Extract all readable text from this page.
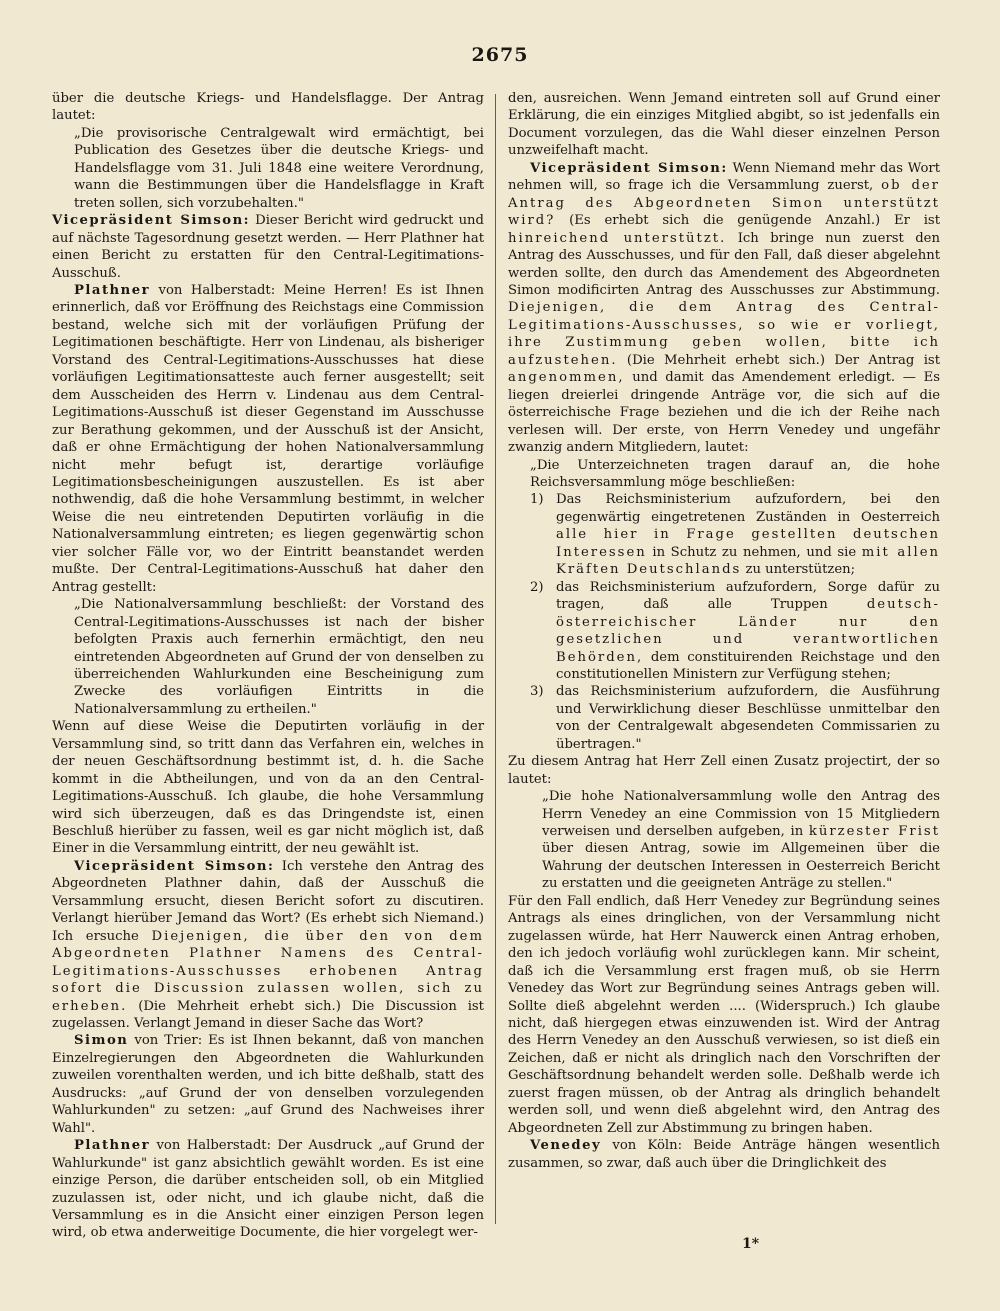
2675

über die deutsche Kriegs- und Handelsflagge. Der Antrag lautet:

„Die provisorische Centralgewalt wird ermächtigt, bei Publication des Gesetzes über die deutsche Kriegs- und Handelsflagge vom 31. Juli 1848 eine weitere Verordnung, wann die Bestimmungen über die Handelsflagge in Kraft treten sollen, sich vorzubehalten."

Vicepräsident Simson: Dieser Bericht wird gedruckt und auf nächste Tagesordnung gesetzt werden. — Herr Plathner hat einen Bericht zu erstatten für den Central-Legitimations-Ausschuß.

Plathner von Halberstadt: Meine Herren! Es ist Ihnen erinnerlich, daß vor Eröffnung des Reichstags eine Commission bestand, welche sich mit der vorläufigen Prüfung der Legitimationen beschäftigte. Herr von Lindenau, als bisheriger Vorstand des Central-Legitimations-Ausschusses hat diese vorläufigen Legitimationsatteste auch ferner ausgestellt; seit dem Ausscheiden des Herrn v. Lindenau aus dem Central-Legitimations-Ausschuß ist dieser Gegenstand im Ausschusse zur Berathung gekommen, und der Ausschuß ist der Ansicht, daß er ohne Ermächtigung der hohen Nationalversammlung nicht mehr befugt ist, derartige vorläufige Legitimationsbescheinigungen auszustellen. Es ist aber nothwendig, daß die hohe Versammlung bestimmt, in welcher Weise die neu eintretenden Deputirten vorläufig in die Nationalversammlung eintreten; es liegen gegenwärtig schon vier solcher Fälle vor, wo der Eintritt beanstandet werden mußte. Der Central-Legitimations-Ausschuß hat daher den Antrag gestellt:

„Die Nationalversammlung beschließt: der Vorstand des Central-Legitimations-Ausschusses ist nach der bisher befolgten Praxis auch fernerhin ermächtigt, den neu eintretenden Abgeordneten auf Grund der von denselben zu überreichenden Wahlurkunden eine Bescheinigung zum Zwecke des vorläufigen Eintritts in die Nationalversammlung zu ertheilen."

Wenn auf diese Weise die Deputirten vorläufig in der Versammlung sind, so tritt dann das Verfahren ein, welches in der neuen Geschäftsordnung bestimmt ist, d. h. die Sache kommt in die Abtheilungen, und von da an den Central-Legitimations-Ausschuß. Ich glaube, die hohe Versammlung wird sich überzeugen, daß es das Dringendste ist, einen Beschluß hierüber zu fassen, weil es gar nicht möglich ist, daß Einer in die Versammlung eintritt, der neu gewählt ist.

Vicepräsident Simson: Ich verstehe den Antrag des Abgeordneten Plathner dahin, daß der Ausschuß die Versammlung ersucht, diesen Bericht sofort zu discutiren. Verlangt hierüber Jemand das Wort? (Es erhebt sich Niemand.) Ich ersuche Diejenigen, die über den von dem Abgeordneten Plathner Namens des Central-Legitimations-Ausschusses erhobenen Antrag sofort die Discussion zulassen wollen, sich zu erheben. (Die Mehrheit erhebt sich.) Die Discussion ist zugelassen. Verlangt Jemand in dieser Sache das Wort?

Simon von Trier: Es ist Ihnen bekannt, daß von manchen Einzelregierungen den Abgeordneten die Wahlurkunden zuweilen vorenthalten werden, und ich bitte deßhalb, statt des Ausdrucks: „auf Grund der von denselben vorzulegenden Wahlurkunden" zu setzen: „auf Grund des Nachweises ihrer Wahl".

Plathner von Halberstadt: Der Ausdruck „auf Grund der Wahlurkunde" ist ganz absichtlich gewählt worden. Es ist eine einzige Person, die darüber entscheiden soll, ob ein Mitglied zuzulassen ist, oder nicht, und ich glaube nicht, daß die Versammlung es in die Ansicht einer einzigen Person legen wird, ob etwa anderweitige Documente, die hier vorgelegt wer-

den, ausreichen. Wenn Jemand eintreten soll auf Grund einer Erklärung, die ein einziges Mitglied abgibt, so ist jedenfalls ein Document vorzulegen, das die Wahl dieser einzelnen Person unzweifelhaft macht.

Vicepräsident Simson: Wenn Niemand mehr das Wort nehmen will, so frage ich die Versammlung zuerst, ob der Antrag des Abgeordneten Simon unterstützt wird? (Es erhebt sich die genügende Anzahl.) Er ist hinreichend unterstützt. Ich bringe nun zuerst den Antrag des Ausschusses, und für den Fall, daß dieser abgelehnt werden sollte, den durch das Amendement des Abgeordneten Simon modificirten Antrag des Ausschusses zur Abstimmung. Diejenigen, die dem Antrag des Central-Legitimations-Ausschusses, so wie er vorliegt, ihre Zustimmung geben wollen, bitte ich aufzustehen. (Die Mehrheit erhebt sich.) Der Antrag ist angenommen, und damit das Amendement erledigt. — Es liegen dreierlei dringende Anträge vor, die sich auf die österreichische Frage beziehen und die ich der Reihe nach verlesen will. Der erste, von Herrn Venedey und ungefähr zwanzig andern Mitgliedern, lautet:

„Die Unterzeichneten tragen darauf an, die hohe Reichsversammlung möge beschließen:

1) Das Reichsministerium aufzufordern, bei den gegenwärtig eingetretenen Zuständen in Oesterreich alle hier in Frage gestellten deutschen Interessen in Schutz zu nehmen, und sie mit allen Kräften Deutschlands zu unterstützen;
2) das Reichsministerium aufzufordern, Sorge dafür zu tragen, daß alle Truppen	deutsch-österreichischer Länder nur den gesetzlichen und verantwortlichen Behörden, dem constituirenden Reichstage und den constitutionellen Ministern zur Verfügung stehen;
3) das Reichsministerium aufzufordern, die Ausführung und Verwirklichung dieser Beschlüsse unmittelbar den von der Centralgewalt abgesendeten Commissarien zu übertragen."

Zu diesem Antrag hat Herr Zell einen Zusatz projectirt, der so lautet:

„Die hohe Nationalversammlung wolle den Antrag des Herrn Venedey an eine Commission von 15 Mitgliedern verweisen und derselben aufgeben, in kürzester Frist über diesen Antrag, sowie im Allgemeinen über die Wahrung der deutschen Interessen in Oesterreich Bericht zu erstatten und die geeigneten Anträge zu stellen."

Für den Fall endlich, daß Herr Venedey zur Begründung seines Antrags als eines dringlichen, von der Versammlung nicht zugelassen würde, hat Herr Nauwerck einen Antrag erhoben, den ich jedoch vorläufig wohl zurücklegen kann. Mir scheint, daß ich die Versammlung erst fragen muß, ob sie Herrn Venedey das Wort zur Begründung seines Antrags geben will. Sollte dieß abgelehnt werden .... (Widerspruch.) Ich glaube nicht, daß hiergegen etwas einzuwenden ist. Wird der Antrag des Herrn Venedey an den Ausschuß verwiesen, so ist dieß ein Zeichen, daß er nicht als dringlich nach den Vorschriften der Geschäftsordnung behandelt werden solle. Deßhalb werde ich zuerst fragen müssen, ob der Antrag als dringlich behandelt werden soll, und wenn dieß abgelehnt wird, den Antrag des Abgeordneten Zell zur Abstimmung zu bringen haben.

Venedey von Köln: Beide Anträge hängen wesentlich zusammen, so zwar, daß auch über die Dringlichkeit des

1*
